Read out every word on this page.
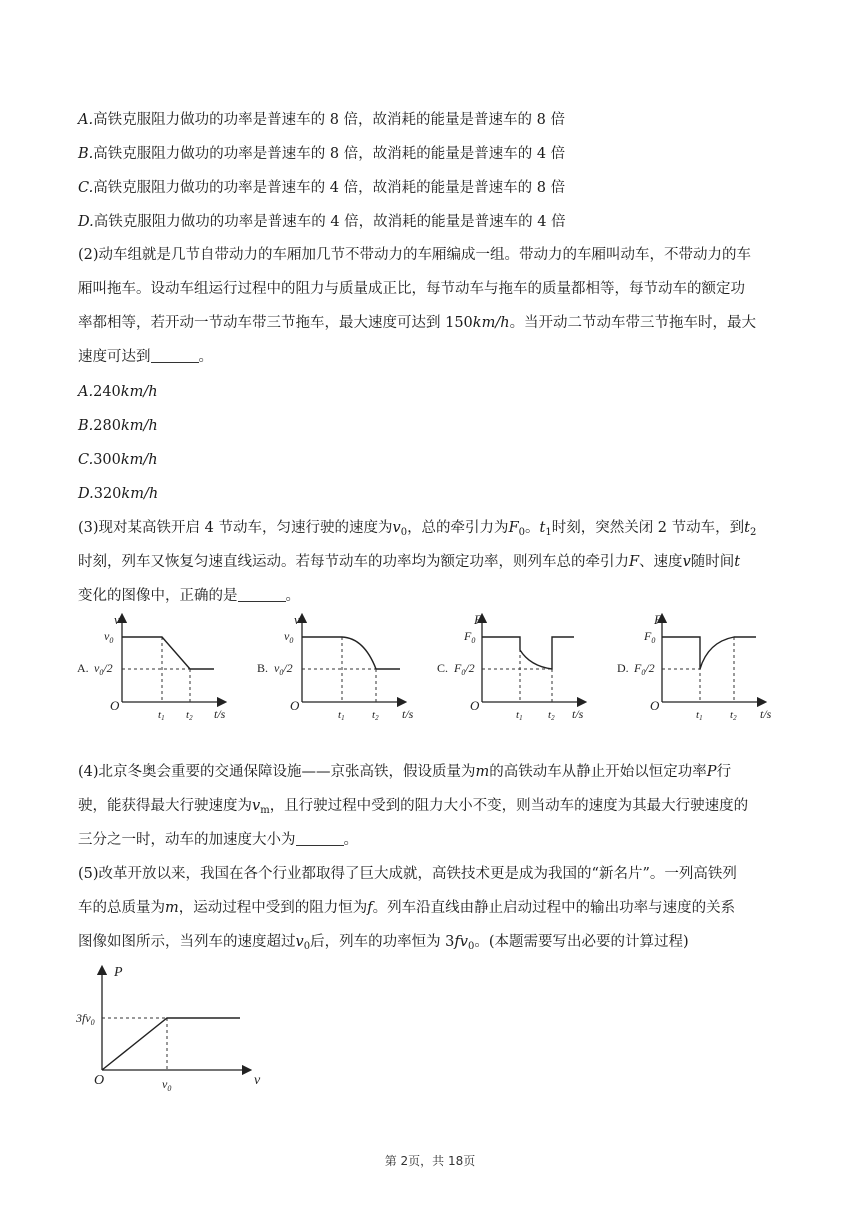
A.高铁克服阻力做功的功率是普速车的 8 倍，故消耗的能量是普速车的 8 倍
B.高铁克服阻力做功的功率是普速车的 8 倍，故消耗的能量是普速车的 4 倍
C.高铁克服阻力做功的功率是普速车的 4 倍，故消耗的能量是普速车的 8 倍
D.高铁克服阻力做功的功率是普速车的 4 倍，故消耗的能量是普速车的 4 倍
(2)动车组就是几节自带动力的车厢加几节不带动力的车厢编成一组。带动力的车厢叫动车，不带动力的车
厢叫拖车。设动车组运行过程中的阻力与质量成正比，每节动车与拖车的质量都相等，每节动车的额定功
率都相等，若开动一节动车带三节拖车，最大速度可达到 150km/h。当开动二节动车带三节拖车时，最大
速度可达到	。
A.240km/h
B.280km/h
C.300km/h
D.320km/h
(3)现对某高铁开启 4 节动车，匀速行驶的速度为$v_0$，总的牵引力为$F_0$。$t_1$时刻，突然关闭 2 节动车，到$t_2$
时刻，列车又恢复匀速直线运动。若每节动车的功率均为额定功率，则列车总的牵引力F、速度v随时间t
变化的图像中，正确的是	。
v
$v_0$
A. $v_0/2$
O
t1 t2 t/s
v
$v_0$
B. $v_0/2$
O
t1 t2 t/s
F
$F_0$
C. $F_0/2$
O
t1 t2 t/s
F
$F_0$
D. $F_0/2$
O
t1 t2 t/s
(4)北京冬奥会重要的交通保障设施——京张高铁，假设质量为m的高铁动车从静止开始以恒定功率P行
驶，能获得最大行驶速度为$v_m$，且行驶过程中受到的阻力大小不变，则当动车的速度为其最大行驶速度的
三分之一时，动车的加速度大小为	。
(5)改革开放以来，我国在各个行业都取得了巨大成就，高铁技术更是成为我国的“新名片”。一列高铁列
车的总质量为m，运动过程中受到的阻力恒为f。列车沿直线由静止启动过程中的输出功率与速度的关系
图像如图所示，当列车的速度超过$v_0$后，列车的功率恒为 $3fv_0$。(本题需要写出必要的计算过程)
P
v
O
$3fv_0$
$v_0$
第 2页，共 18页
